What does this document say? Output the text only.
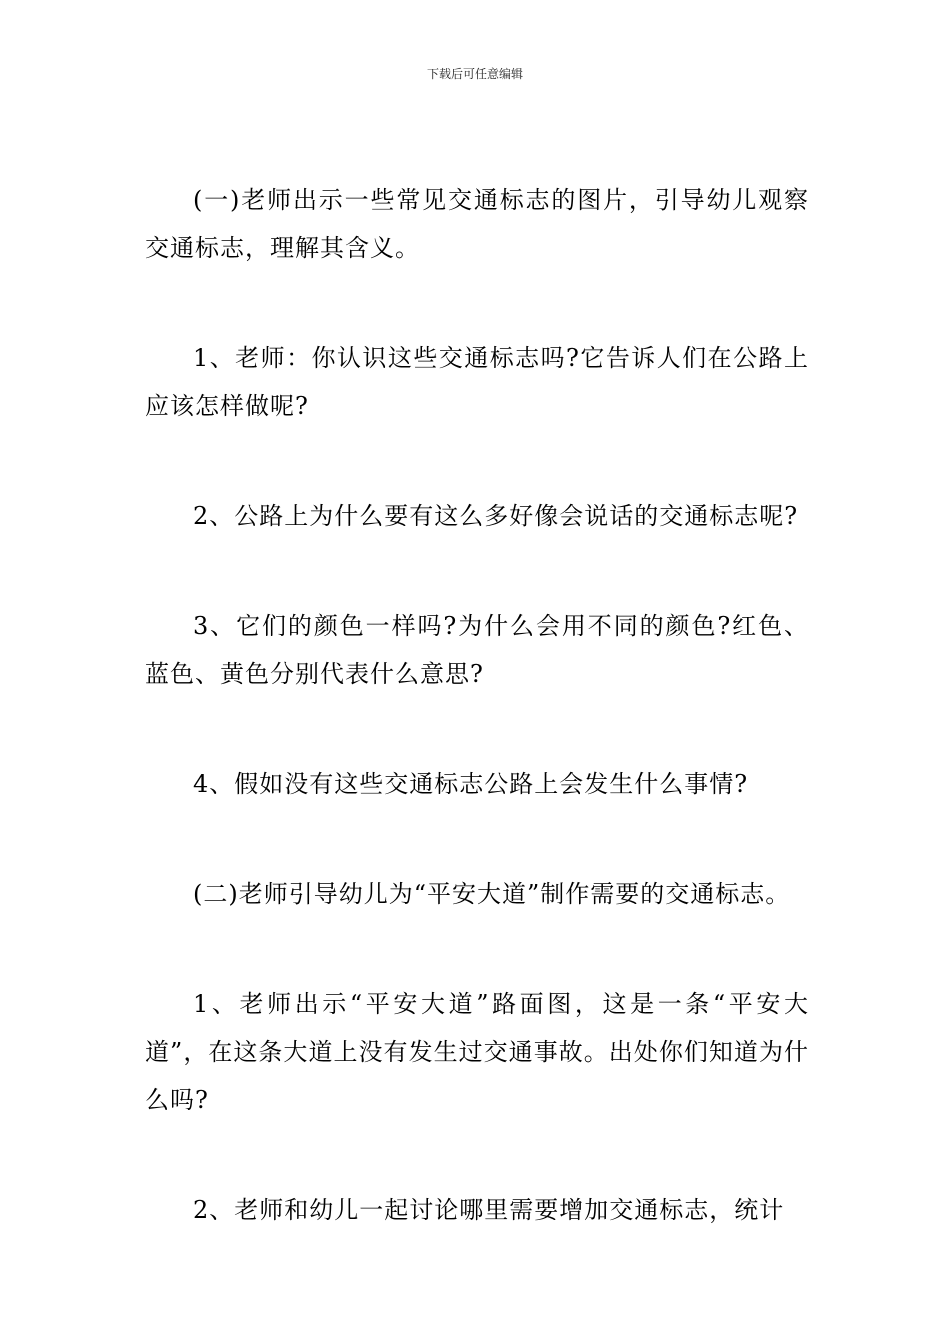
下载后可任意编辑

(一)老师出示一些常见交通标志的图片，引导幼儿观察交通标志，理解其含义。

1、老师：你认识这些交通标志吗?它告诉人们在公路上应该怎样做呢?

2、公路上为什么要有这么多好像会说话的交通标志呢?

3、它们的颜色一样吗?为什么会用不同的颜色?红色、蓝色、黄色分别代表什么意思?

4、假如没有这些交通标志公路上会发生什么事情?

(二)老师引导幼儿为“平安大道”制作需要的交通标志。

1、老师出示“平安大道”路面图，这是一条“平安大道”，在这条大道上没有发生过交通事故。出处你们知道为什么吗?

2、老师和幼儿一起讨论哪里需要增加交通标志，统计
